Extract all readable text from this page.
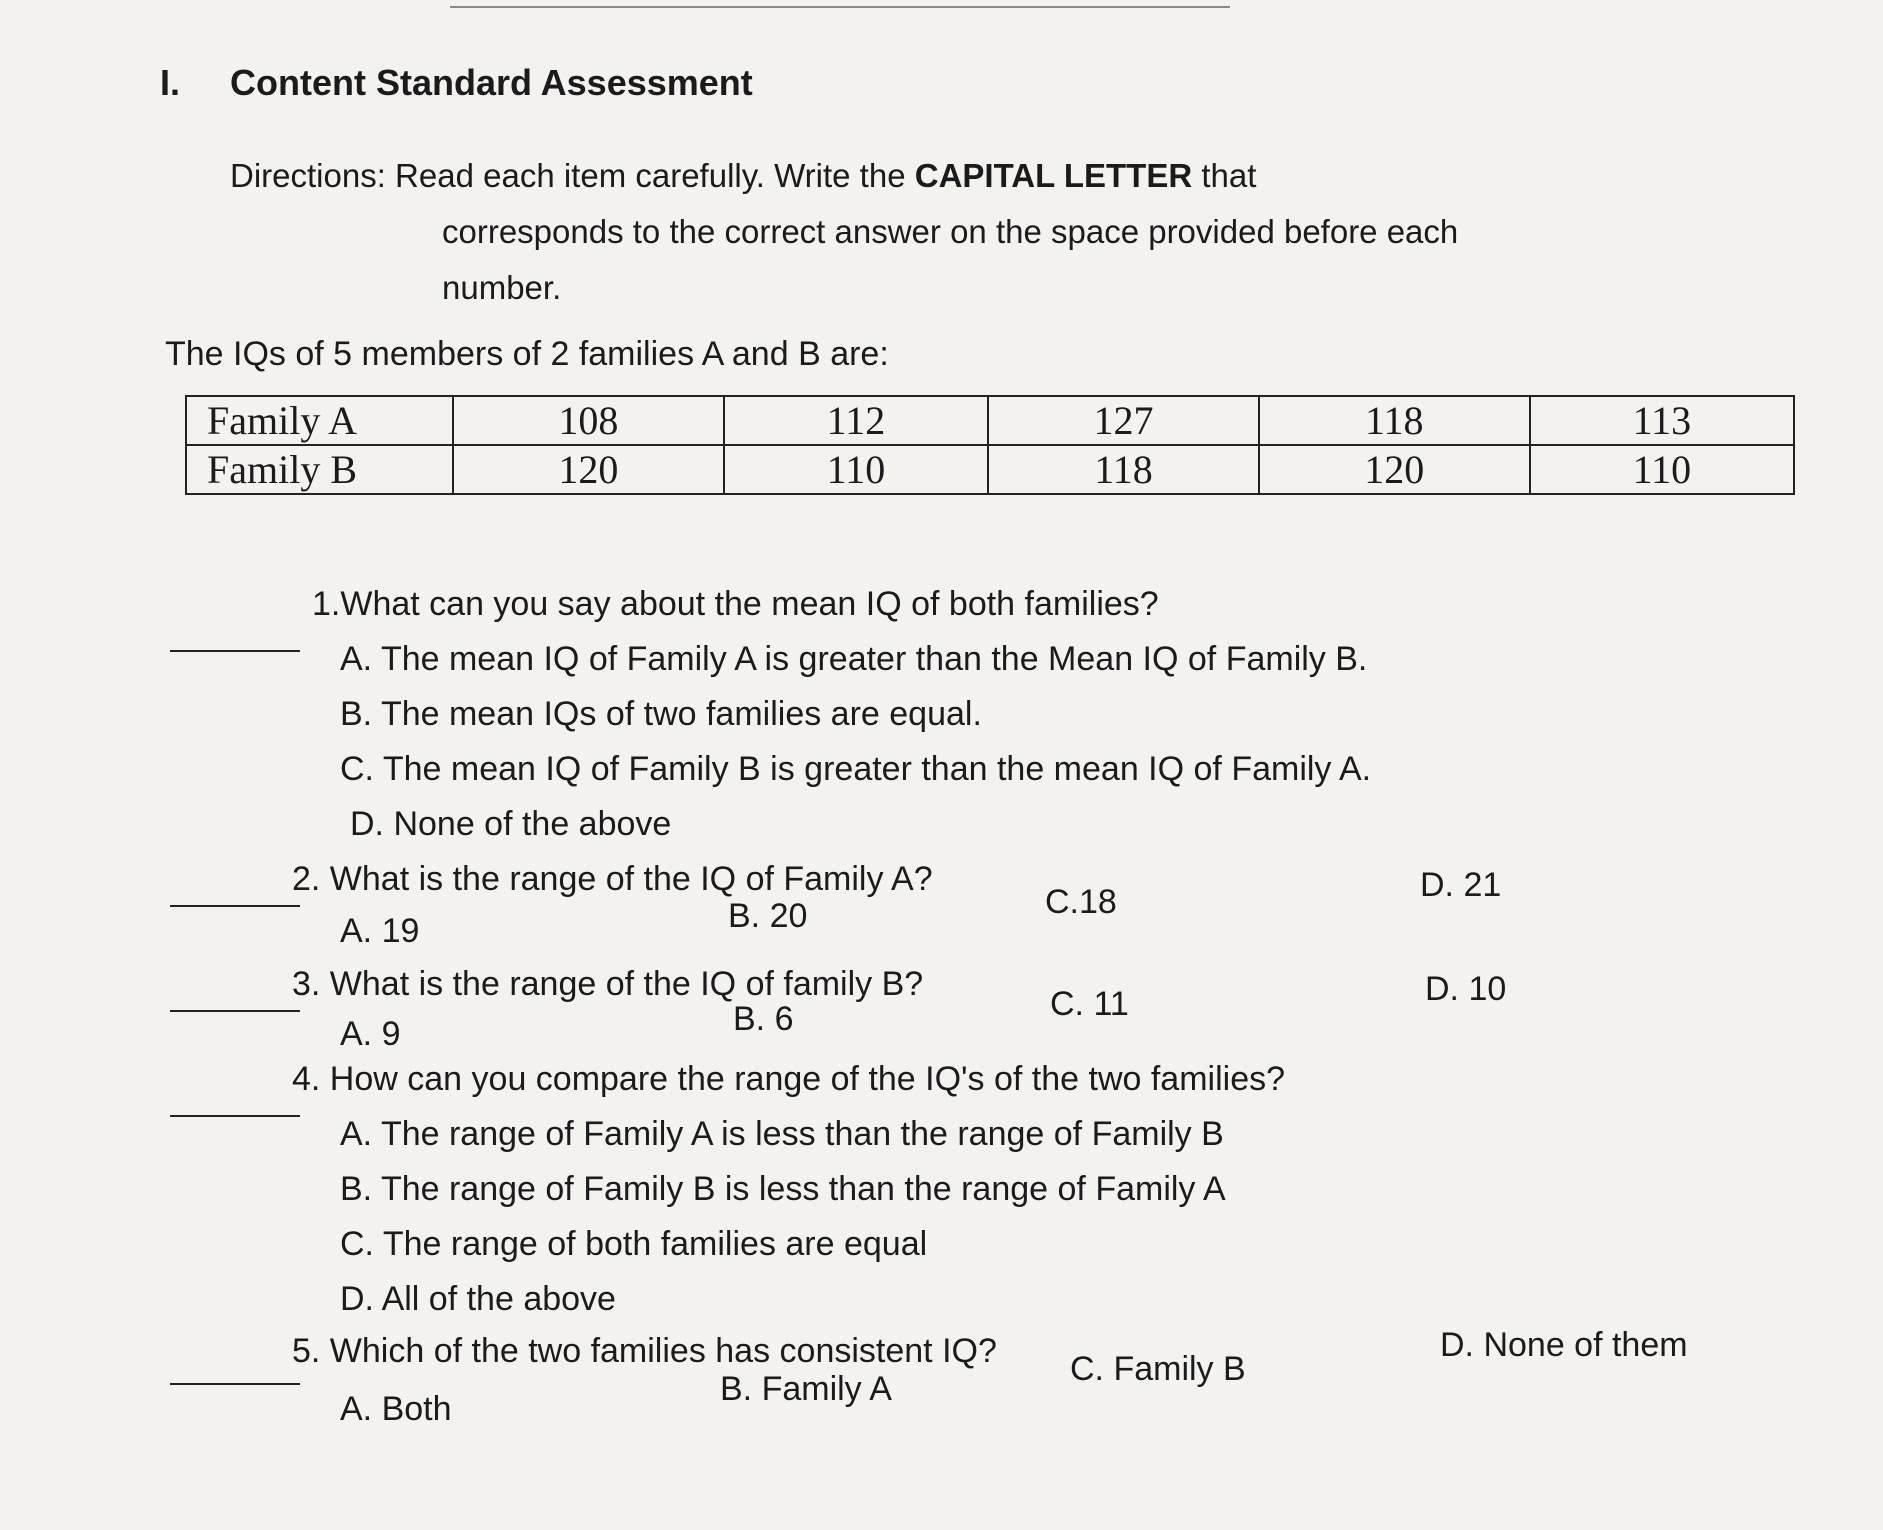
I. Content Standard Assessment
Directions: Read each item carefully. Write the CAPITAL LETTER that
corresponds to the correct answer on the space provided before each
number.
The IQs of 5 members of 2 families A and B are:
Family A	108	112	127	118	113
Family B	120	110	118	120	110
1.What can you say about the mean IQ of both families?
A. The mean IQ of Family A is greater than the Mean IQ of Family B.
B. The mean IQs of two families are equal.
C. The mean IQ of Family B is greater than the mean IQ of Family A.
D. None of the above
2. What is the range of the IQ of Family A?
A. 19	B. 20	C.18	D. 21
3. What is the range of the IQ of family B?
A. 9	B. 6	C. 11	D. 10
4. How can you compare the range of the IQ's of the two families?
A. The range of Family A is less than the range of Family B
B. The range of Family B is less than the range of Family A
C. The range of both families are equal
D. All of the above
5. Which of the two families has consistent IQ?
A. Both
B. Family A
C. Family B
D. None of them
